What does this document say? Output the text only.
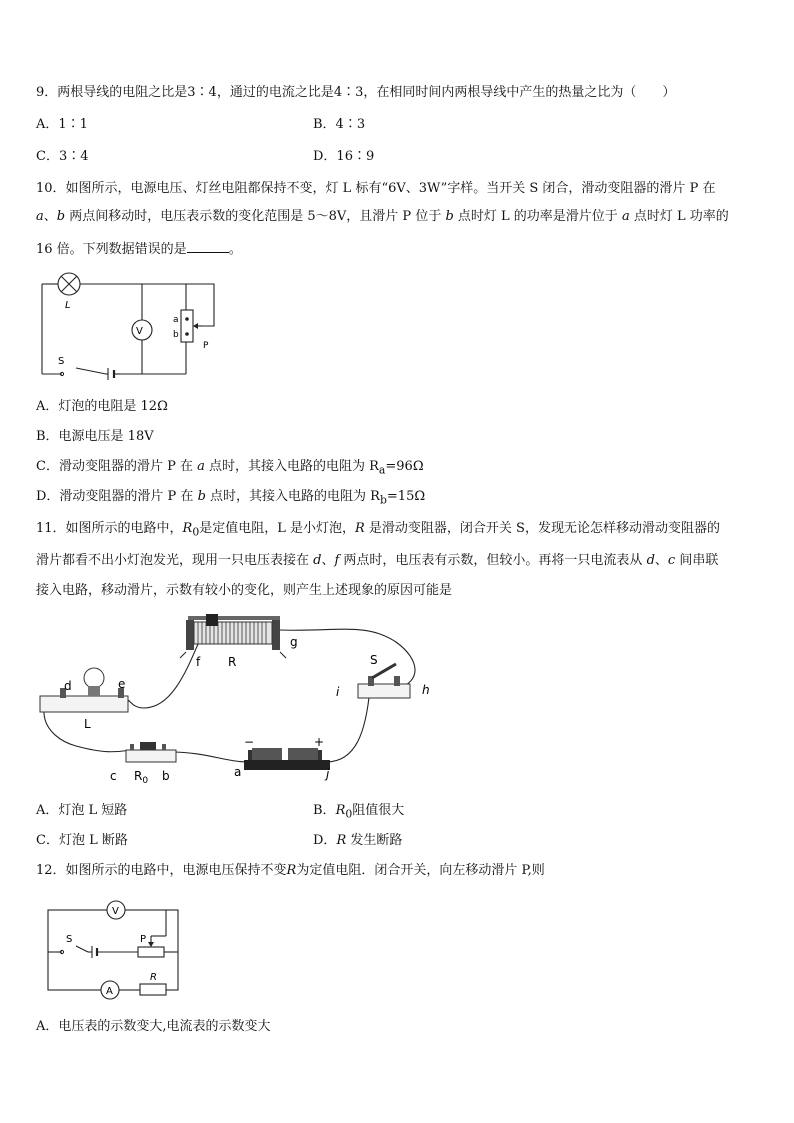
9．两根导线的电阻之比是3∶4，通过的电流之比是4∶3，在相同时间内两根导线中产生的热量之比为（　　）
A．1∶1	B．4∶3
C．3∶4	D．16∶9
10．如图所示，电源电压、灯丝电阻都保持不变，灯 L 标有“6V、3W”字样。当开关 S 闭合，滑动变阻器的滑片 P 在
a、b 两点间移动时，电压表示数的变化范围是 5～8V，且滑片 P 位于 b 点时灯 L 的功率是滑片位于 a 点时灯 L 功率的
16 倍。下列数据错误的是	。
V
L
S
a
b
P
A．灯泡的电阻是 12Ω
B．电源电压是 18V
C．滑动变阻器的滑片 P 在 a 点时，其接入电路的电阻为 $R_a=96\Omega$
D．滑动变阻器的滑片 P 在 b 点时，其接入电路的电阻为 $R_b=15\Omega$
11．如图所示的电路中，$R_0$是定值电阻，L 是小灯泡，R 是滑动变阻器，闭合开关 S，发现无论怎样移动滑动变阻器的
滑片都看不出小灯泡发光，现用一只电压表接在 d、f 两点时，电压表有示数，但较小。再将一只电流表从 d、c 间串联
接入电路，移动滑片，示数有较小的变化，则产生上述现象的原因可能是
f R
g
S
i	h
d	e
L
c $R_0$ b	a	j
−	+
A．灯泡 L 短路	B．$R_0$阻值很大
C．灯泡 L 断路	D．R 发生断路
12．如图所示的电路中，电源电压保持不变R为定值电阻．闭合开关，向左移动滑片 P,则
V
S	P
A
R
A．电压表的示数变大,电流表的示数变大
